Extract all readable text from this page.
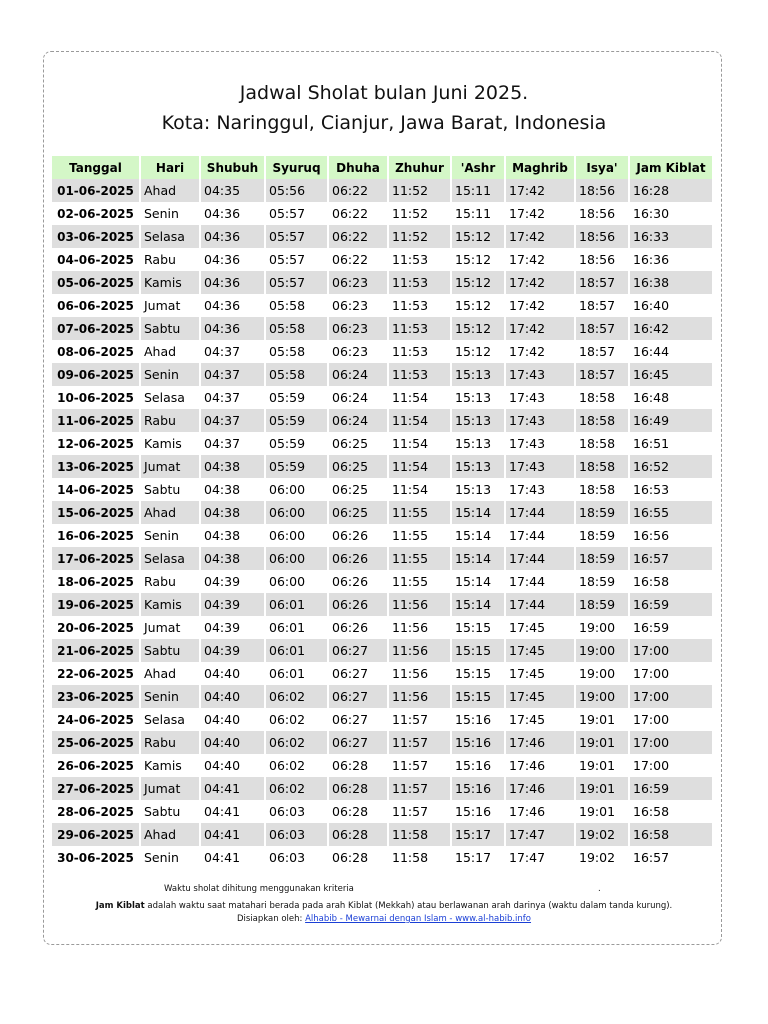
Jadwal Sholat bulan Juni 2025.
Kota: Naringgul, Cianjur, Jawa Barat, Indonesia
Tanggal	Hari	Shubuh	Syuruq	Dhuha	Zhuhur	'Ashr	Maghrib	Isya'	Jam Kiblat
01-06-2025	Ahad	04:35	05:56	06:22	11:52	15:11	17:42	18:56	16:28
02-06-2025	Senin	04:36	05:57	06:22	11:52	15:11	17:42	18:56	16:30
03-06-2025	Selasa	04:36	05:57	06:22	11:52	15:12	17:42	18:56	16:33
04-06-2025	Rabu	04:36	05:57	06:22	11:53	15:12	17:42	18:56	16:36
05-06-2025	Kamis	04:36	05:57	06:23	11:53	15:12	17:42	18:57	16:38
06-06-2025	Jumat	04:36	05:58	06:23	11:53	15:12	17:42	18:57	16:40
07-06-2025	Sabtu	04:36	05:58	06:23	11:53	15:12	17:42	18:57	16:42
08-06-2025	Ahad	04:37	05:58	06:23	11:53	15:12	17:42	18:57	16:44
09-06-2025	Senin	04:37	05:58	06:24	11:53	15:13	17:43	18:57	16:45
10-06-2025	Selasa	04:37	05:59	06:24	11:54	15:13	17:43	18:58	16:48
11-06-2025	Rabu	04:37	05:59	06:24	11:54	15:13	17:43	18:58	16:49
12-06-2025	Kamis	04:37	05:59	06:25	11:54	15:13	17:43	18:58	16:51
13-06-2025	Jumat	04:38	05:59	06:25	11:54	15:13	17:43	18:58	16:52
14-06-2025	Sabtu	04:38	06:00	06:25	11:54	15:13	17:43	18:58	16:53
15-06-2025	Ahad	04:38	06:00	06:25	11:55	15:14	17:44	18:59	16:55
16-06-2025	Senin	04:38	06:00	06:26	11:55	15:14	17:44	18:59	16:56
17-06-2025	Selasa	04:38	06:00	06:26	11:55	15:14	17:44	18:59	16:57
18-06-2025	Rabu	04:39	06:00	06:26	11:55	15:14	17:44	18:59	16:58
19-06-2025	Kamis	04:39	06:01	06:26	11:56	15:14	17:44	18:59	16:59
20-06-2025	Jumat	04:39	06:01	06:26	11:56	15:15	17:45	19:00	16:59
21-06-2025	Sabtu	04:39	06:01	06:27	11:56	15:15	17:45	19:00	17:00
22-06-2025	Ahad	04:40	06:01	06:27	11:56	15:15	17:45	19:00	17:00
23-06-2025	Senin	04:40	06:02	06:27	11:56	15:15	17:45	19:00	17:00
24-06-2025	Selasa	04:40	06:02	06:27	11:57	15:16	17:45	19:01	17:00
25-06-2025	Rabu	04:40	06:02	06:27	11:57	15:16	17:46	19:01	17:00
26-06-2025	Kamis	04:40	06:02	06:28	11:57	15:16	17:46	19:01	17:00
27-06-2025	Jumat	04:41	06:02	06:28	11:57	15:16	17:46	19:01	16:59
28-06-2025	Sabtu	04:41	06:03	06:28	11:57	15:16	17:46	19:01	16:58
29-06-2025	Ahad	04:41	06:03	06:28	11:58	15:17	17:47	19:02	16:58
30-06-2025	Senin	04:41	06:03	06:28	11:58	15:17	17:47	19:02	16:57
Waktu sholat dihitung menggunakan kriteria	.
Jam Kiblat adalah waktu saat matahari berada pada arah Kiblat (Mekkah) atau berlawanan arah darinya (waktu dalam tanda kurung).
Disiapkan oleh: Alhabib - Mewarnai dengan Islam - www.al-habib.info
